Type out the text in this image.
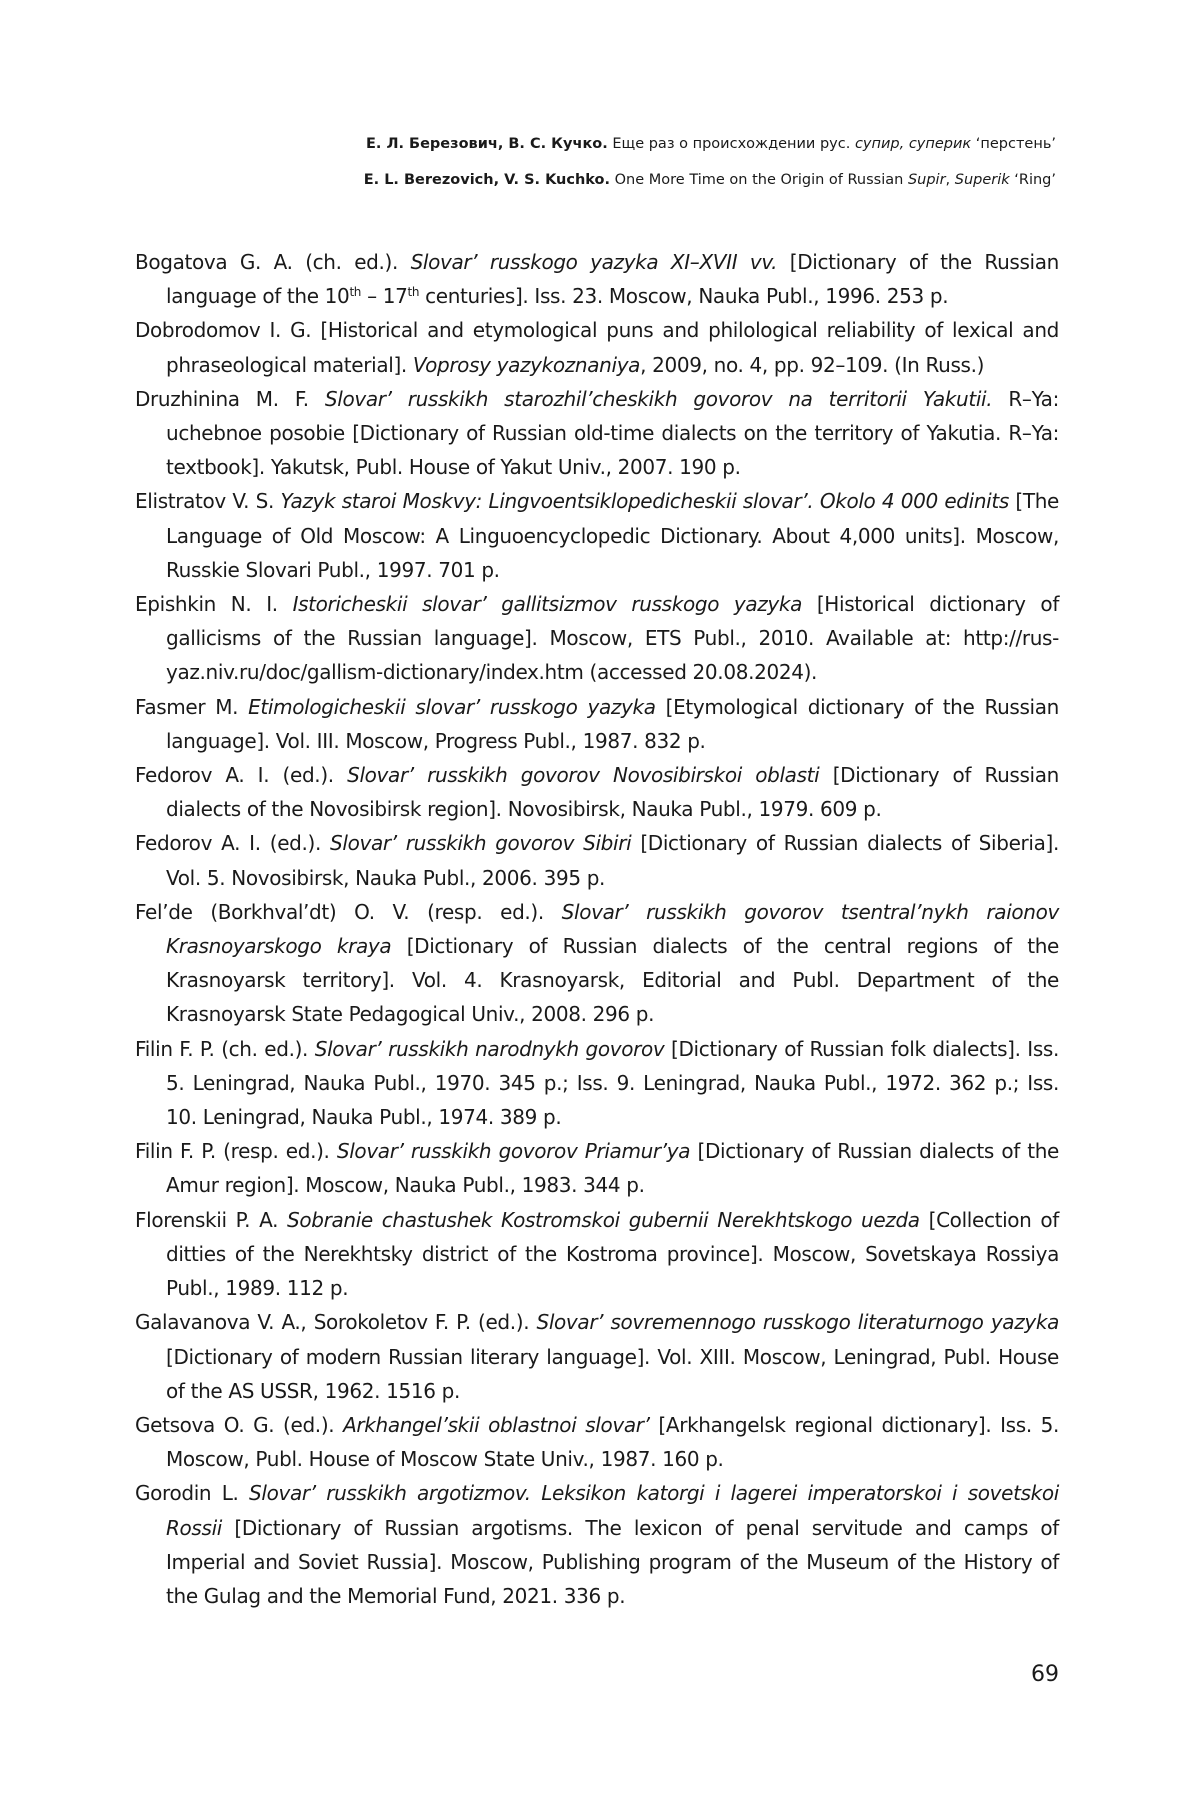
Е. Л. Березович, В. С. Кучко. Еще раз о происхождении рус. супир, суперик ‘перстень’
E. L. Berezovich, V. S. Kuchko. One More Time on the Origin of Russian Supir, Superik ‘Ring’

Bogatova G. A. (ch. ed.). Slovar’ russkogo yazyka XI–XVII vv. [Dictionary of the Russian language of the 10th – 17th centuries]. Iss. 23. Moscow, Nauka Publ., 1996. 253 p.

Dobrodomov I. G. [Historical and etymological puns and philological reliability of lexical and phraseological material]. Voprosy yazykoznaniya, 2009, no. 4, pp. 92–109. (In Russ.)

Druzhinina M. F. Slovar’ russkikh starozhil’cheskikh govorov na territorii Yakutii. R–Ya: uchebnoe posobie [Dictionary of Russian old-time dialects on the territory of Yakutia. R–Ya: textbook]. Yakutsk, Publ. House of Yakut Univ., 2007. 190 p.

Elistratov V. S. Yazyk staroi Moskvy: Lingvoentsiklopedicheskii slovar’. Okolo 4 000 edinits [The Language of Old Moscow: A Linguoencyclopedic Dictionary. About 4,000 units]. Moscow, Russkie Slovari Publ., 1997. 701 p.

Epishkin N. I. Istoricheskii slovar’ gallitsizmov russkogo yazyka [Historical dictionary of gallicisms of the Russian language]. Moscow, ETS Publ., 2010. Available at: http://rus-yaz.niv.ru/doc/gallism-dictionary/index.htm (accessed 20.08.2024).

Fasmer M. Etimologicheskii slovar’ russkogo yazyka [Etymological dictionary of the Russian language]. Vol. III. Moscow, Progress Publ., 1987. 832 p.

Fedorov A. I. (ed.). Slovar’ russkikh govorov Novosibirskoi oblasti [Dictionary of Russian dialects of the Novosibirsk region]. Novosibirsk, Nauka Publ., 1979. 609 p.

Fedorov A. I. (ed.). Slovar’ russkikh govorov Sibiri [Dictionary of Russian dialects of Siberia]. Vol. 5. Novosibirsk, Nauka Publ., 2006. 395 p.

Fel’de (Borkhval’dt) O. V. (resp. ed.). Slovar’ russkikh govorov tsentral’nykh raionov Krasnoyarskogo kraya [Dictionary of Russian dialects of the central regions of the Krasnoyarsk territory]. Vol. 4. Krasnoyarsk, Editorial and Publ. Department of the Krasnoyarsk State Pedagogical Univ., 2008. 296 p.

Filin F. P. (ch. ed.). Slovar’ russkikh narodnykh govorov [Dictionary of Russian folk dialects]. Iss. 5. Leningrad, Nauka Publ., 1970. 345 p.; Iss. 9. Leningrad, Nauka Publ., 1972. 362 p.; Iss. 10. Leningrad, Nauka Publ., 1974. 389 p.

Filin F. P. (resp. ed.). Slovar’ russkikh govorov Priamur’ya [Dictionary of Russian dialects of the Amur region]. Moscow, Nauka Publ., 1983. 344 p.

Florenskii P. A. Sobranie chastushek Kostromskoi gubernii Nerekhtskogo uezda [Collection of ditties of the Nerekhtsky district of the Kostroma province]. Moscow, Sovetskaya Rossiya Publ., 1989. 112 p.

Galavanova V. A., Sorokoletov F. P. (ed.). Slovar’ sovremennogo russkogo literaturnogo yazyka [Dictionary of modern Russian literary language]. Vol. XIII. Moscow, Leningrad, Publ. House of the AS USSR, 1962. 1516 p.

Getsova O. G. (ed.). Arkhangel’skii oblastnoi slovar’ [Arkhangelsk regional dictionary]. Iss. 5. Moscow, Publ. House of Moscow State Univ., 1987. 160 p.

Gorodin L. Slovar’ russkikh argotizmov. Leksikon katorgi i lagerei imperatorskoi i sovetskoi Rossii [Dictionary of Russian argotisms. The lexicon of penal servitude and camps of Imperial and Soviet Russia]. Moscow, Publishing program of the Museum of the History of the Gulag and the Memorial Fund, 2021. 336 p.

69
